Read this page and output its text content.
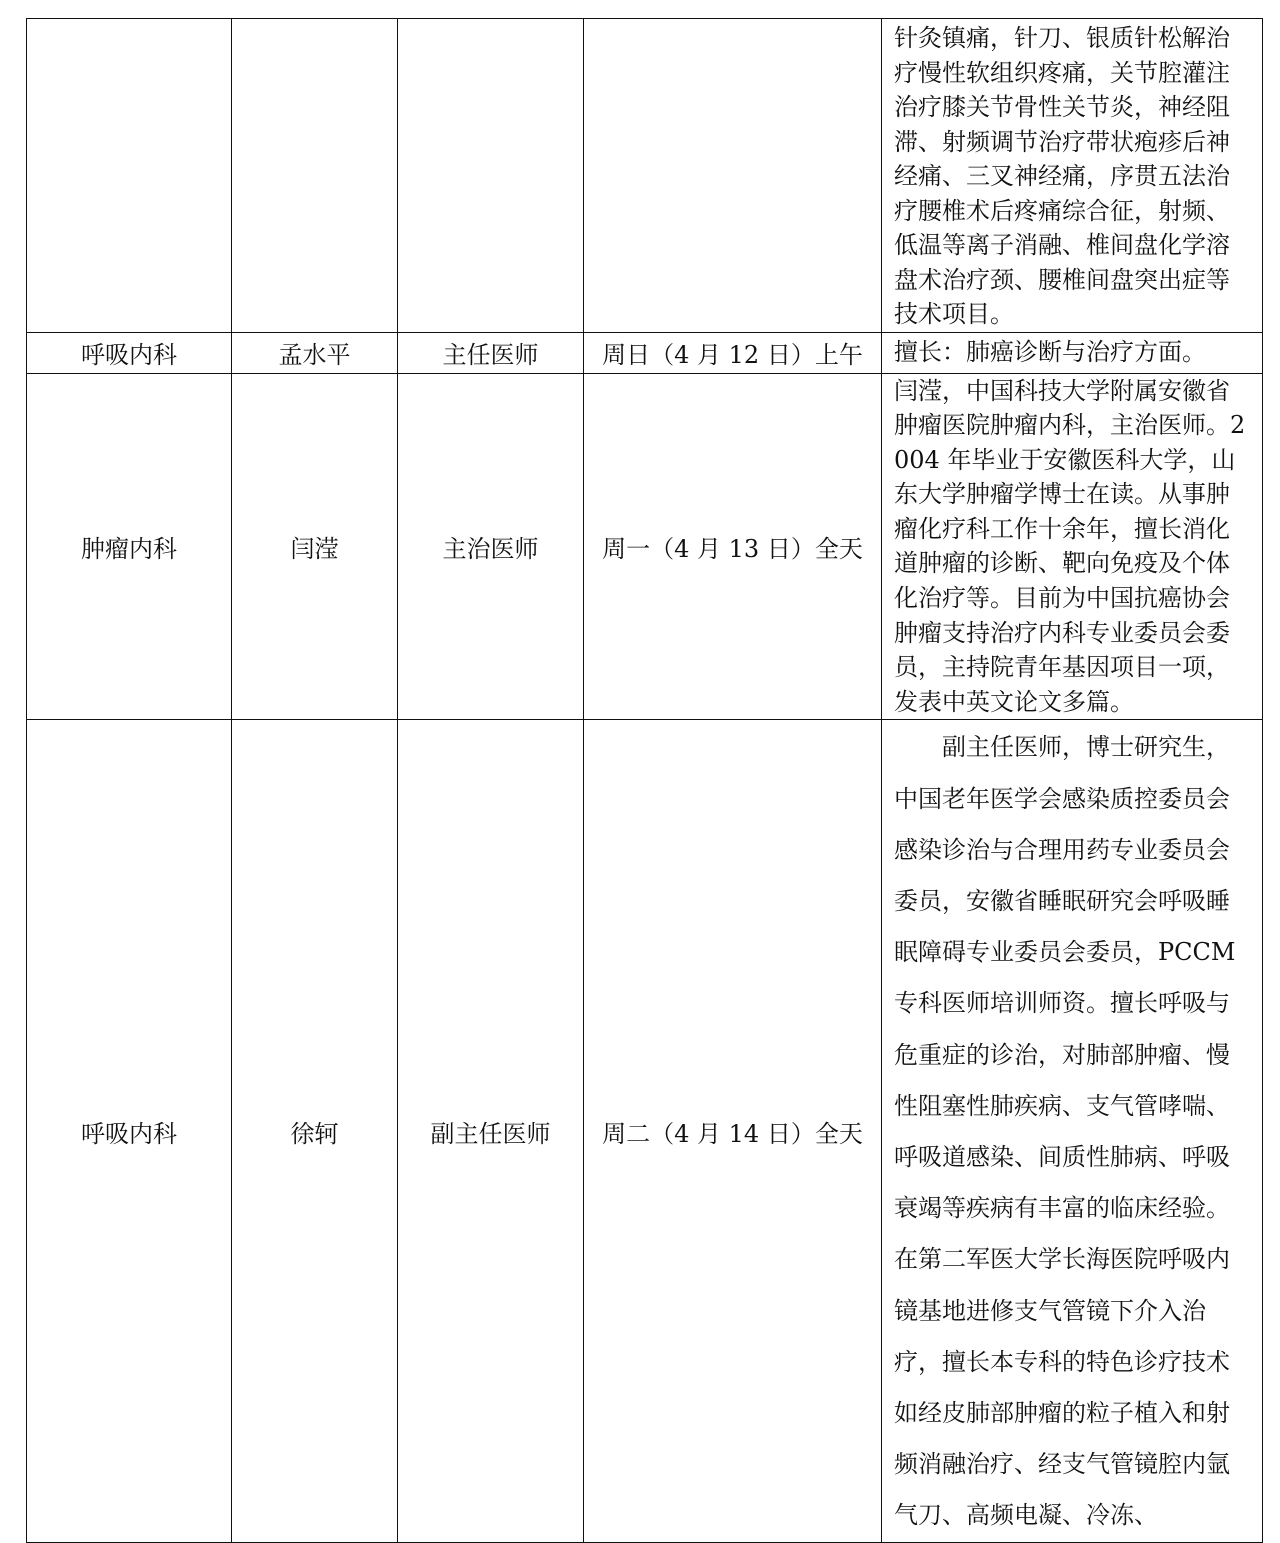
				针灸镇痛，针刀、银质针松解治疗慢性软组织疼痛，关节腔灌注治疗膝关节骨性关节炎，神经阻滞、射频调节治疗带状疱疹后神经痛、三叉神经痛，序贯五法治疗腰椎术后疼痛综合征，射频、低温等离子消融、椎间盘化学溶盘术治疗颈、腰椎间盘突出症等技术项目。

呼吸内科	孟水平	主任医师	周日（4 月 12 日）上午	擅长：肺癌诊断与治疗方面。

肿瘤内科	闫滢	主治医师	周一（4 月 13 日）全天	闫滢，中国科技大学附属安徽省肿瘤医院肿瘤内科，主治医师。2004 年毕业于安徽医科大学，山东大学肿瘤学博士在读。从事肿瘤化疗科工作十余年，擅长消化道肿瘤的诊断、靶向免疫及个体化治疗等。目前为中国抗癌协会肿瘤支持治疗内科专业委员会委员，主持院青年基因项目一项，发表中英文论文多篇。

呼吸内科	徐轲	副主任医师	周二（4 月 14 日）全天	副主任医师，博士研究生，中国老年医学会感染质控委员会感染诊治与合理用药专业委员会委员，安徽省睡眠研究会呼吸睡眠障碍专业委员会委员，PCCM 专科医师培训师资。擅长呼吸与危重症的诊治，对肺部肿瘤、慢性阻塞性肺疾病、支气管哮喘、呼吸道感染、间质性肺病、呼吸衰竭等疾病有丰富的临床经验。在第二军医大学长海医院呼吸内镜基地进修支气管镜下介入治疗，擅长本专科的特色诊疗技术如经皮肺部肿瘤的粒子植入和射频消融治疗、经支气管镜腔内氩气刀、高频电凝、冷冻、
